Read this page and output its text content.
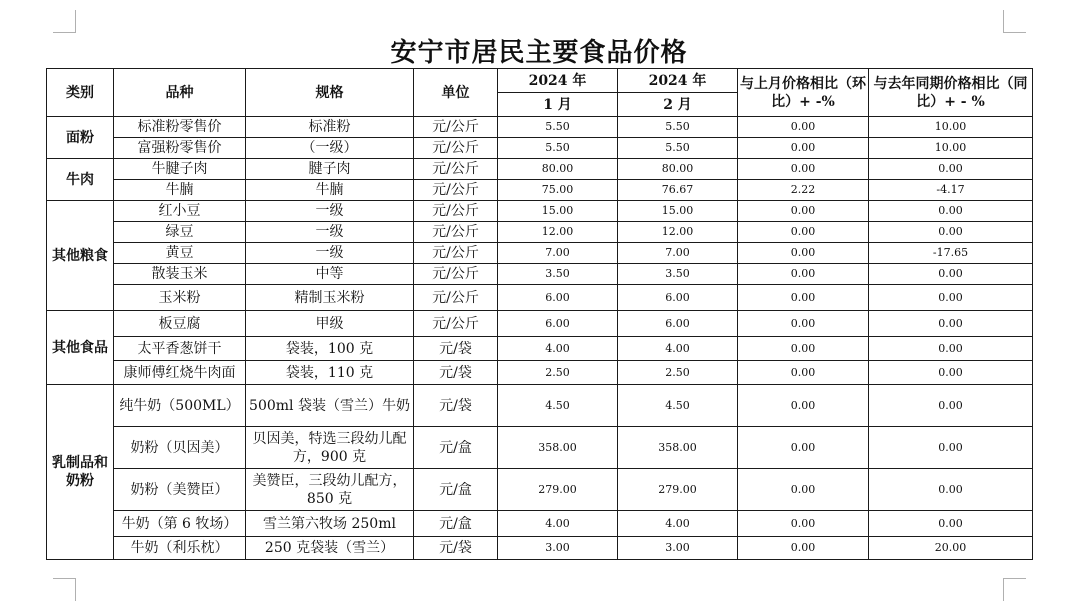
安宁市居民主要食品价格
类别	品种	规格	单位	2024 年	2024 年	与上月价格相比（环比）+ -%	与去年同期价格相比（同比）+ - %
				1 月	2 月		
面粉	标准粉零售价	标准粉	元/公斤	5.50	5.50	0.00	10.00
	富强粉零售价	（一级）	元/公斤	5.50	5.50	0.00	10.00
牛肉	牛腱子肉	腱子肉	元/公斤	80.00	80.00	0.00	0.00
	牛腩	牛腩	元/公斤	75.00	76.67	2.22	-4.17
其他粮食	红小豆	一级	元/公斤	15.00	15.00	0.00	0.00
	绿豆	一级	元/公斤	12.00	12.00	0.00	0.00
	黄豆	一级	元/公斤	7.00	7.00	0.00	-17.65
	散装玉米	中等	元/公斤	3.50	3.50	0.00	0.00
	玉米粉	精制玉米粉	元/公斤	6.00	6.00	0.00	0.00
其他食品	板豆腐	甲级	元/公斤	6.00	6.00	0.00	0.00
	太平香葱饼干	袋装，100 克	元/袋	4.00	4.00	0.00	0.00
	康师傅红烧牛肉面	袋装，110 克	元/袋	2.50	2.50	0.00	0.00
乳制品和奶粉	纯牛奶（500ML）	500ml 袋装（雪兰）牛奶	元/袋	4.50	4.50	0.00	0.00
	奶粉（贝因美）	贝因美，特选三段幼儿配方，900 克	元/盒	358.00	358.00	0.00	0.00
	奶粉（美赞臣）	美赞臣，三段幼儿配方，850 克	元/盒	279.00	279.00	0.00	0.00
	牛奶（第 6 牧场）	雪兰第六牧场 250ml	元/盒	4.00	4.00	0.00	0.00
	牛奶（利乐枕）	250 克袋装（雪兰）	元/袋	3.00	3.00	0.00	20.00
